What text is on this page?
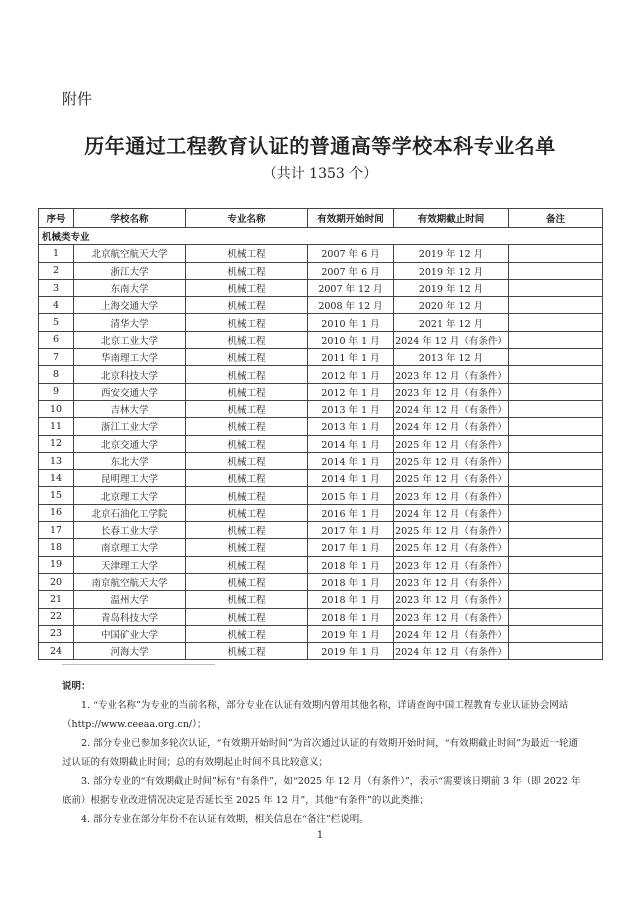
附件
历年通过工程教育认证的普通高等学校本科专业名单
（共计 1353 个）
序号	学校名称	专业名称	有效期开始时间	有效期截止时间	备注
机械类专业					
1	北京航空航天大学	机械工程	2007 年 6 月	2019 年 12 月	
2	浙江大学	机械工程	2007 年 6 月	2019 年 12 月	
3	东南大学	机械工程	2007 年 12 月	2019 年 12 月	
4	上海交通大学	机械工程	2008 年 12 月	2020 年 12 月	
5	清华大学	机械工程	2010 年 1 月	2021 年 12 月	
6	北京工业大学	机械工程	2010 年 1 月	2024 年 12 月（有条件）	
7	华南理工大学	机械工程	2011 年 1 月	2013 年 12 月	
8	北京科技大学	机械工程	2012 年 1 月	2023 年 12 月（有条件）	
9	西安交通大学	机械工程	2012 年 1 月	2023 年 12 月（有条件）	
10	吉林大学	机械工程	2013 年 1 月	2024 年 12 月（有条件）	
11	浙江工业大学	机械工程	2013 年 1 月	2024 年 12 月（有条件）	
12	北京交通大学	机械工程	2014 年 1 月	2025 年 12 月（有条件）	
13	东北大学	机械工程	2014 年 1 月	2025 年 12 月（有条件）	
14	昆明理工大学	机械工程	2014 年 1 月	2025 年 12 月（有条件）	
15	北京理工大学	机械工程	2015 年 1 月	2023 年 12 月（有条件）	
16	北京石油化工学院	机械工程	2016 年 1 月	2024 年 12 月（有条件）	
17	长春工业大学	机械工程	2017 年 1 月	2025 年 12 月（有条件）	
18	南京理工大学	机械工程	2017 年 1 月	2025 年 12 月（有条件）	
19	天津理工大学	机械工程	2018 年 1 月	2023 年 12 月（有条件）	
20	南京航空航天大学	机械工程	2018 年 1 月	2023 年 12 月（有条件）	
21	温州大学	机械工程	2018 年 1 月	2023 年 12 月（有条件）	
22	青岛科技大学	机械工程	2018 年 1 月	2023 年 12 月（有条件）	
23	中国矿业大学	机械工程	2019 年 1 月	2024 年 12 月（有条件）	
24	河海大学	机械工程	2019 年 1 月	2024 年 12 月（有条件）	

说明：

1. “专业名称”为专业的当前名称，部分专业在认证有效期内曾用其他名称，详请查询中国工程教育专业认证协会网站（http://www.ceeaa.org.cn/）；

2. 部分专业已参加多轮次认证，“有效期开始时间”为首次通过认证的有效期开始时间，“有效期截止时间”为最近一轮通过认证的有效期截止时间；总的有效期起止时间不具比较意义；

3. 部分专业的“有效期截止时间”标有“有条件”，如“2025 年 12 月（有条件）”，表示“需要该日期前 3 年（即 2022 年底前）根据专业改进情况决定是否延长至 2025 年 12 月”，其他“有条件”的以此类推；

4. 部分专业在部分年份不在认证有效期，相关信息在“备注”栏说明。

1
